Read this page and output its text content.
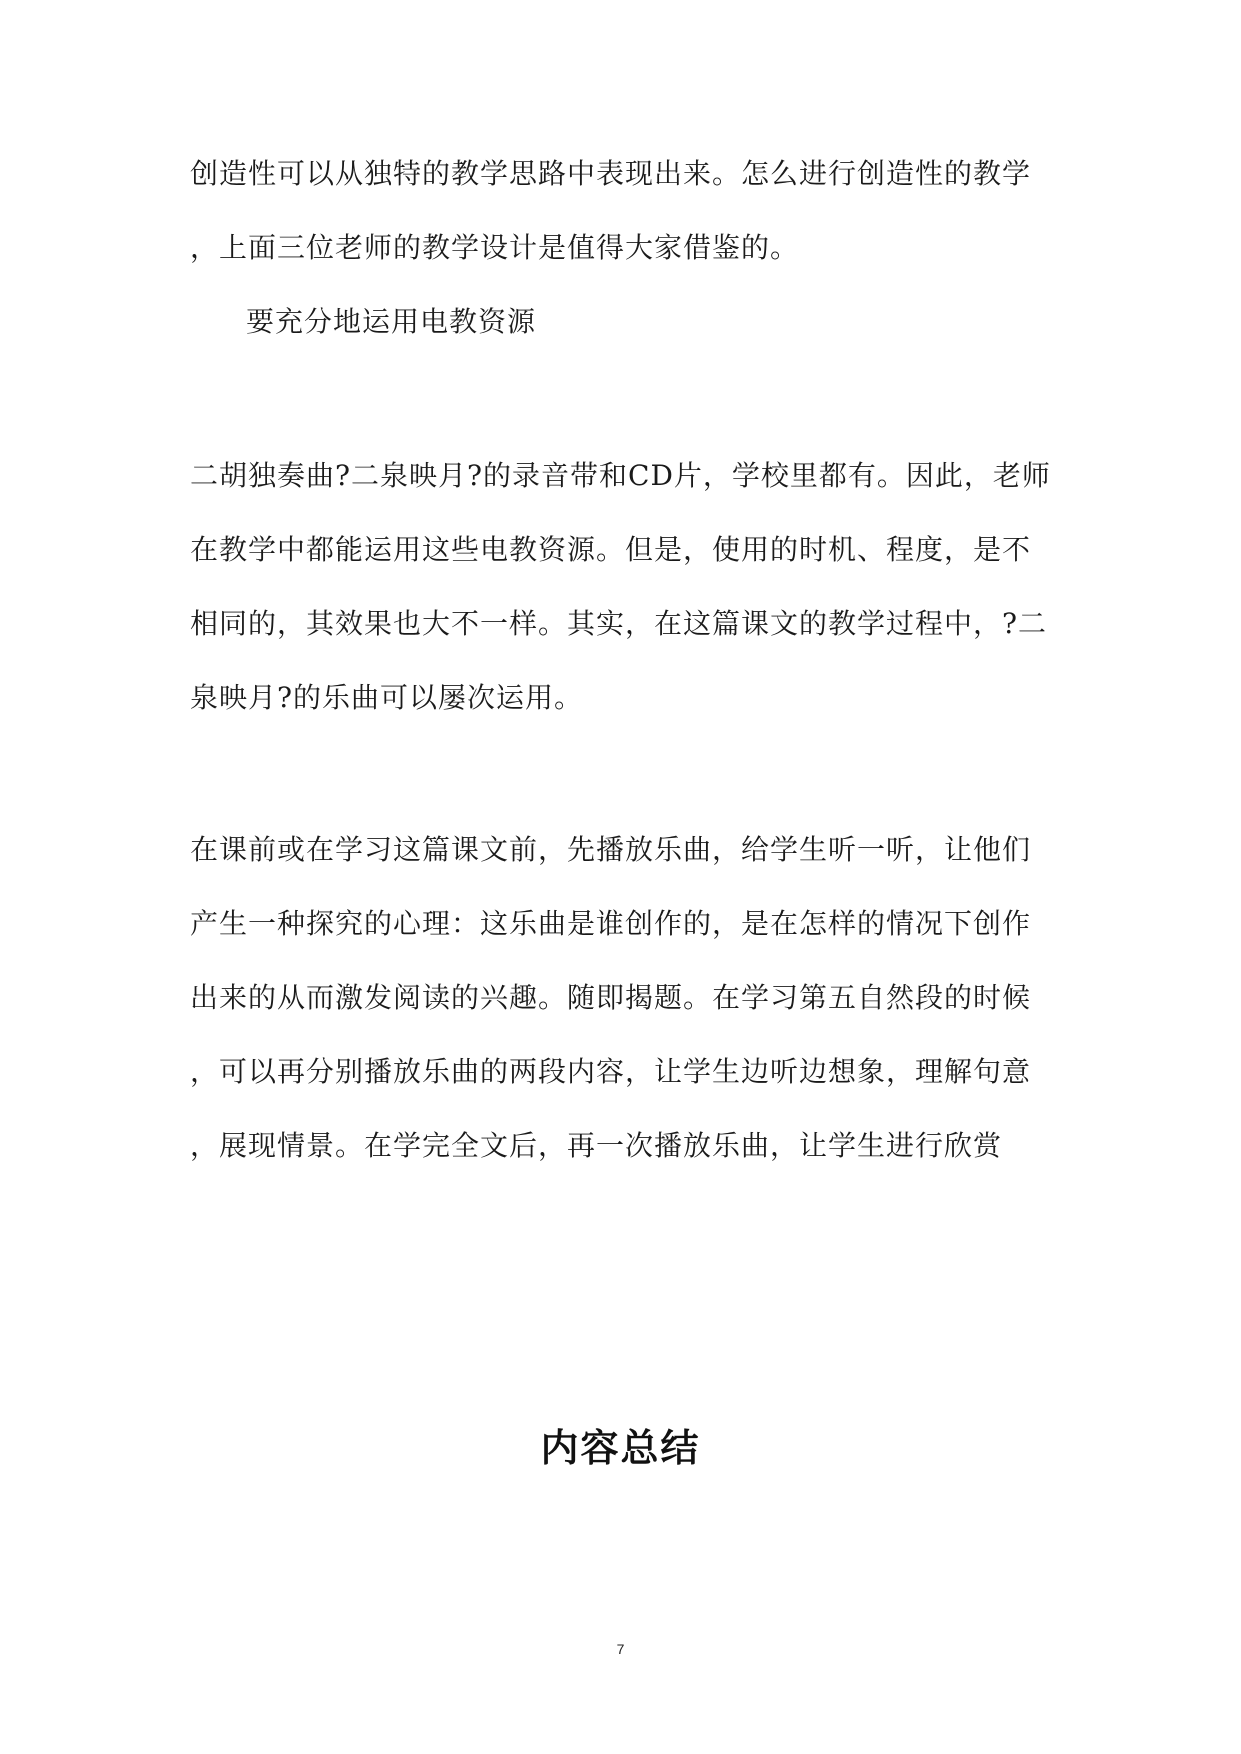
创造性可以从独特的教学思路中表现出来。怎么进行创造性的教学
，上面三位老师的教学设计是值得大家借鉴的。
要充分地运用电教资源
二胡独奏曲?二泉映月?的录音带和CD片，学校里都有。因此，老师
在教学中都能运用这些电教资源。但是，使用的时机、程度，是不
相同的，其效果也大不一样。其实，在这篇课文的教学过程中，?二
泉映月?的乐曲可以屡次运用。
在课前或在学习这篇课文前，先播放乐曲，给学生听一听，让他们
产生一种探究的心理：这乐曲是谁创作的，是在怎样的情况下创作
出来的从而激发阅读的兴趣。随即揭题。在学习第五自然段的时候
，可以再分别播放乐曲的两段内容，让学生边听边想象，理解句意
，展现情景。在学完全文后，再一次播放乐曲，让学生进行欣赏
内容总结
7
